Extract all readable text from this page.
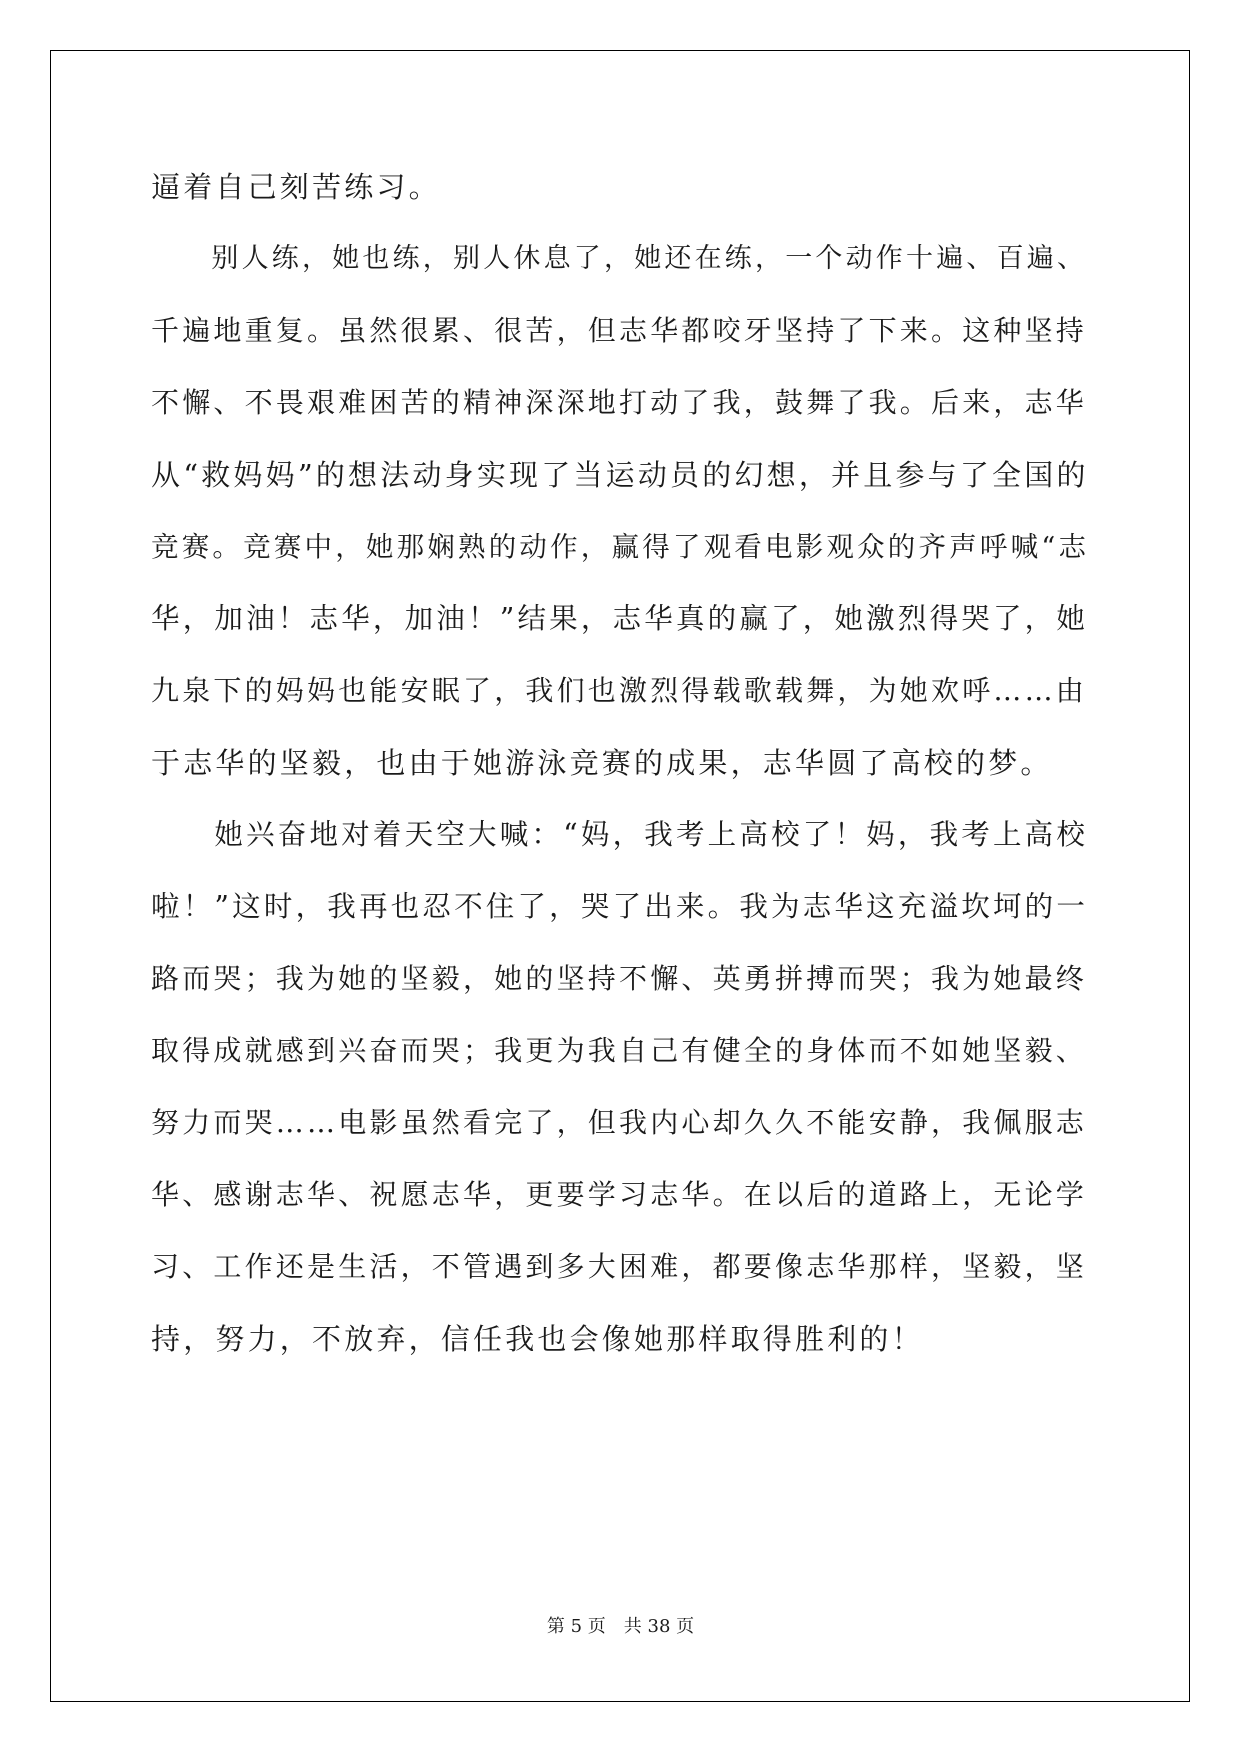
逼着自己刻苦练习。
　　别人练，她也练，别人休息了，她还在练，一个动作十遍、百遍、
千遍地重复。虽然很累、很苦，但志华都咬牙坚持了下来。这种坚持
不懈、不畏艰难困苦的精神深深地打动了我，鼓舞了我。后来，志华
从“救妈妈”的想法动身实现了当运动员的幻想，并且参与了全国的
竞赛。竞赛中，她那娴熟的动作，赢得了观看电影观众的齐声呼喊“志
华，加油！志华，加油！”结果，志华真的赢了，她激烈得哭了，她
九泉下的妈妈也能安眠了，我们也激烈得载歌载舞，为她欢呼……由
于志华的坚毅，也由于她游泳竞赛的成果，志华圆了高校的梦。
　　她兴奋地对着天空大喊：“妈，我考上高校了！妈，我考上高校
啦！”这时，我再也忍不住了，哭了出来。我为志华这充溢坎坷的一
路而哭；我为她的坚毅，她的坚持不懈、英勇拼搏而哭；我为她最终
取得成就感到兴奋而哭；我更为我自己有健全的身体而不如她坚毅、
努力而哭……电影虽然看完了，但我内心却久久不能安静，我佩服志
华、感谢志华、祝愿志华，更要学习志华。在以后的道路上，无论学
习、工作还是生活，不管遇到多大困难，都要像志华那样，坚毅，坚
持，努力，不放弃，信任我也会像她那样取得胜利的！
第 5 页 共 38 页
